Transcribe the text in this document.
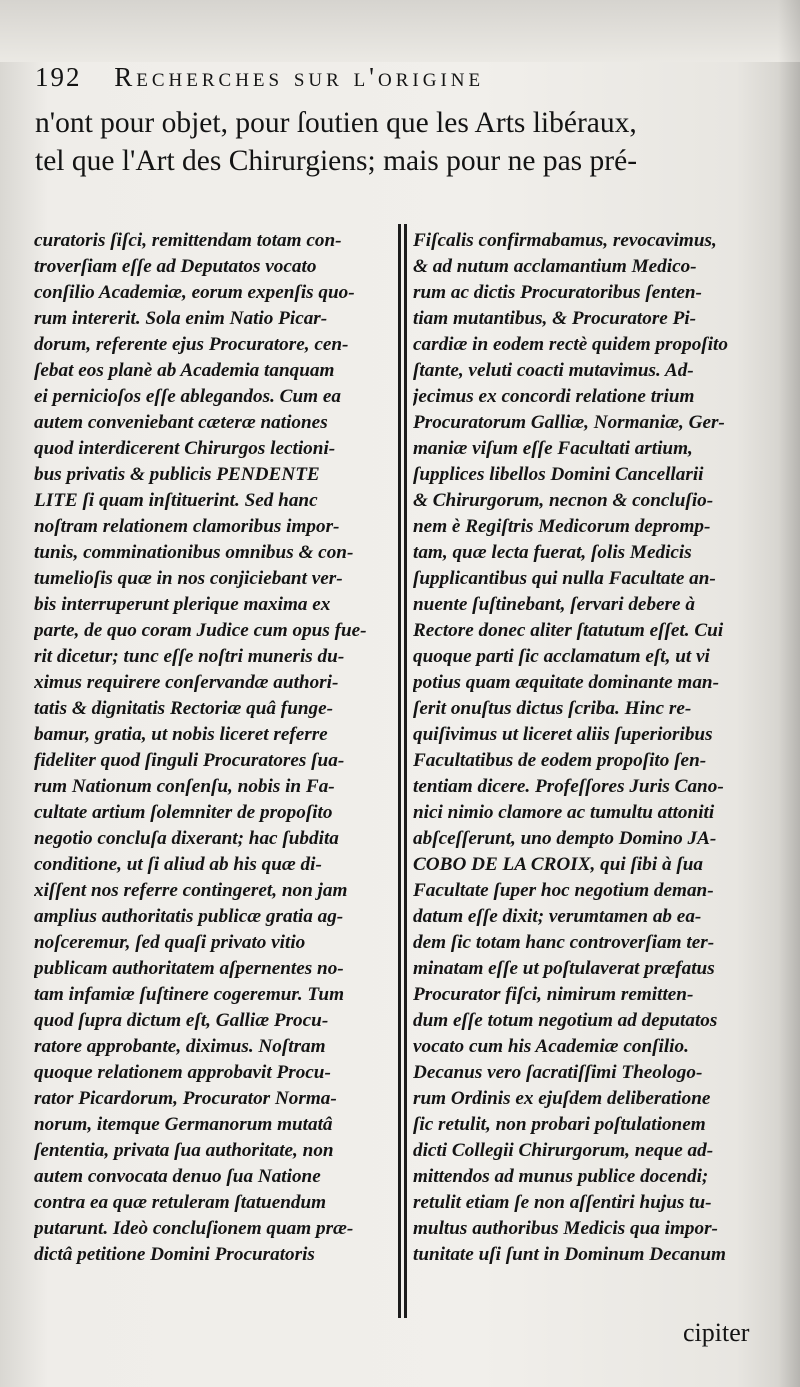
192 Recherches sur l'origine
n'ont pour objet, pour ſoutien que les Arts libéraux,
tel que l'Art des Chirurgiens; mais pour ne pas pré-
curatoris ſiſci, remittendam totam con-
troverſiam eſſe ad Deputatos vocato
conſilio Academiæ, eorum expenſis quo-
rum intererit. Sola enim Natio Picar-
dorum, referente ejus Procuratore, cen-
ſebat eos planè ab Academia tanquam
ei pernicioſos eſſe ablegandos. Cum ea
autem conveniebant cæteræ nationes
quod interdicerent Chirurgos lectioni-
bus privatis & publicis PENDENTE
LITE ſi quam inſtituerint. Sed hanc
noſtram relationem clamoribus impor-
tunis, comminationibus omnibus & con-
tumelioſis quæ in nos conjiciebant ver-
bis interruperunt plerique maxima ex
parte, de quo coram Judice cum opus fue-
rit dicetur; tunc eſſe noſtri muneris du-
ximus requirere conſervandæ authori-
tatis & dignitatis Rectoriæ quâ funge-
bamur, gratia, ut nobis liceret referre
fideliter quod ſinguli Procuratores ſua-
rum Nationum conſenſu, nobis in Fa-
cultate artium ſolemniter de propoſito
negotio concluſa dixerant; hac ſubdita
conditione, ut ſi aliud ab his quæ di-
xiſſent nos referre contingeret, non jam
amplius authoritatis publicæ gratia ag-
noſceremur, ſed quaſi privato vitio
publicam authoritatem aſpernentes no-
tam infamiæ ſuſtinere cogeremur. Tum
quod ſupra dictum eſt, Galliæ Procu-
ratore approbante, diximus. Noſtram
quoque relationem approbavit Procu-
rator Picardorum, Procurator Norma-
norum, itemque Germanorum mutatâ
ſententia, privata ſua authoritate, non
autem convocata denuo ſua Natione
contra ea quæ retuleram ſtatuendum
putarunt. Ideò concluſionem quam præ-
dictâ petitione Domini Procuratoris
Fiſcalis confirmabamus, revocavimus,
& ad nutum acclamantium Medico-
rum ac dictis Procuratoribus ſenten-
tiam mutantibus, & Procuratore Pi-
cardiæ in eodem rectè quidem propoſito
ſtante, veluti coacti mutavimus. Ad-
jecimus ex concordi relatione trium
Procuratorum Galliæ, Normaniæ, Ger-
maniæ viſum eſſe Facultati artium,
ſupplices libellos Domini Cancellarii
& Chirurgorum, necnon & concluſio-
nem è Regiſtris Medicorum depromp-
tam, quæ lecta fuerat, ſolis Medicis
ſupplicantibus qui nulla Facultate an-
nuente ſuſtinebant, ſervari debere à
Rectore donec aliter ſtatutum eſſet. Cui
quoque parti ſic acclamatum eſt, ut vi
potius quam æquitate dominante man-
ſerit onuſtus dictus ſcriba. Hinc re-
quiſivimus ut liceret aliis ſuperioribus
Facultatibus de eodem propoſito ſen-
tentiam dicere. Profeſſores Juris Cano-
nici nimio clamore ac tumultu attoniti
abſceſſerunt, uno dempto Domino JA-
COBO DE LA CROIX, qui ſibi à ſua
Facultate ſuper hoc negotium deman-
datum eſſe dixit; verumtamen ab ea-
dem ſic totam hanc controverſiam ter-
minatam eſſe ut poſtulaverat præfatus
Procurator fiſci, nimirum remitten-
dum eſſe totum negotium ad deputatos
vocato cum his Academiæ conſilio.
Decanus vero ſacratiſſimi Theologo-
rum Ordinis ex ejuſdem deliberatione
ſic retulit, non probari poſtulationem
dicti Collegii Chirurgorum, neque ad-
mittendos ad munus publice docendi;
retulit etiam ſe non aſſentiri hujus tu-
multus authoribus Medicis qua impor-
tunitate uſi ſunt in Dominum Decanum
cipiter
